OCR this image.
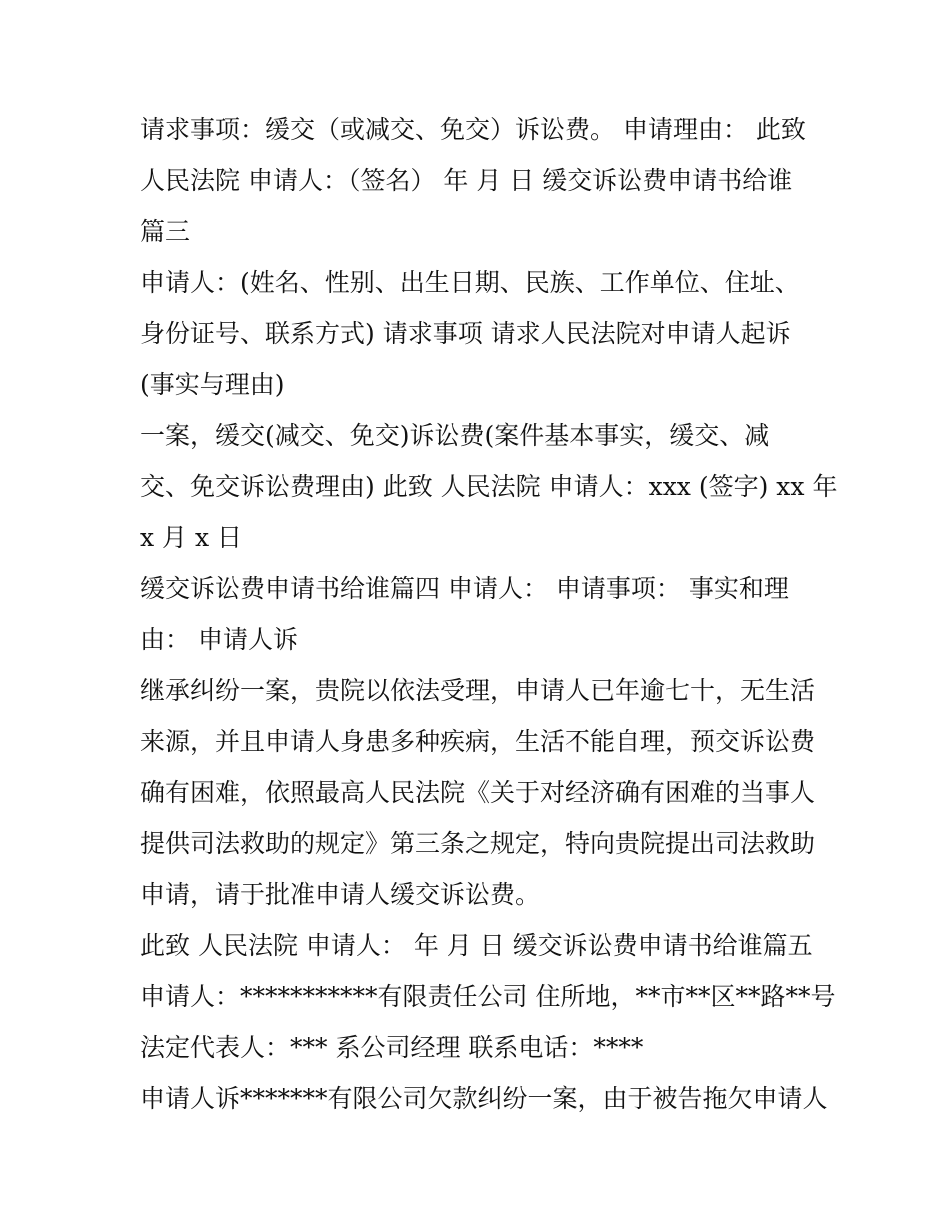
请求事项：缓交（或减交、免交）诉讼费。 申请理由： 此致
人民法院 申请人：（签名） 年 月 日 缓交诉讼费申请书给谁
篇三
申请人：(姓名、性别、出生日期、民族、工作单位、住址、
身份证号、联系方式) 请求事项 请求人民法院对申请人起诉
(事实与理由)
一案，缓交(减交、免交)诉讼费(案件基本事实，缓交、减
交、免交诉讼费理由) 此致 人民法院 申请人：xxx (签字) xx 年
x 月 x 日
缓交诉讼费申请书给谁篇四 申请人： 申请事项： 事实和理
由： 申请人诉
继承纠纷一案，贵院以依法受理，申请人已年逾七十，无生活
来源，并且申请人身患多种疾病，生活不能自理，预交诉讼费
确有困难，依照最高人民法院《关于对经济确有困难的当事人
提供司法救助的规定》第三条之规定，特向贵院提出司法救助
申请，请于批准申请人缓交诉讼费。
此致 人民法院 申请人： 年 月 日 缓交诉讼费申请书给谁篇五
申请人：***********有限责任公司 住所地，**市**区**路**号
法定代表人：*** 系公司经理 联系电话：****
申请人诉*******有限公司欠款纠纷一案，由于被告拖欠申请人
